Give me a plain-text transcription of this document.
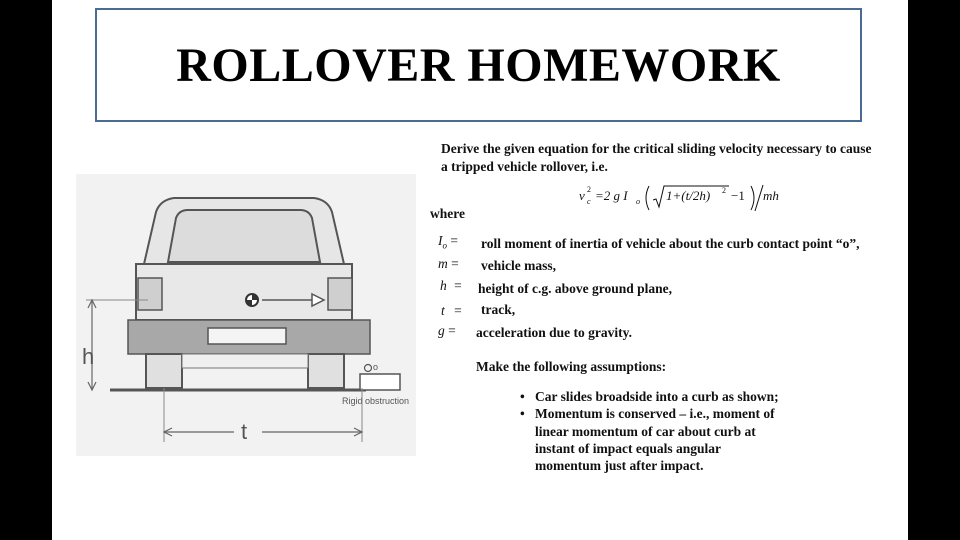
ROLLOVER HOMEWORK
o
Rigid obstruction
h
t
Derive the given equation for the critical sliding velocity necessary to cause
a tripped vehicle rollover, i.e.
v 2
c =2 g I o 1+(t/2h) 2 −1 mh
where
$I_o$ = roll moment of inertia of vehicle about the curb contact point “o”,
m = vehicle mass,
h = height of c.g. above ground plane,
t = track,
g = acceleration due to gravity.
Make the following assumptions:
• Car slides broadside into a curb as shown;
• Momentum is conserved – i.e., moment of
linear momentum of car about curb at
instant of impact equals angular
momentum just after impact.
